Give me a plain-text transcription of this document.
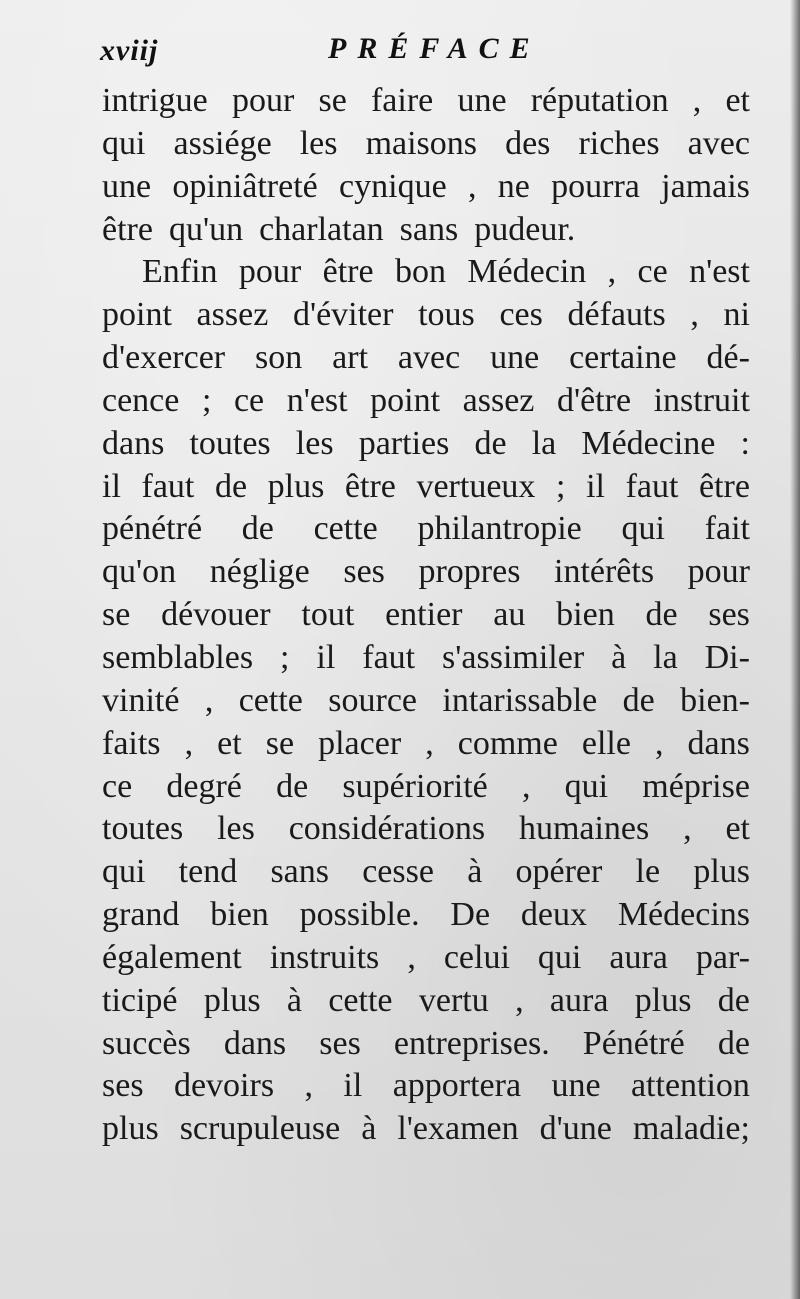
xviij	PRÉFACE
intrigue pour se faire une réputation , et
qui assiége les maisons des riches avec
une opiniâtreté cynique , ne pourra jamais
être qu'un charlatan sans pudeur.
Enfin pour être bon Médecin , ce n'est
point assez d'éviter tous ces défauts , ni
d'exercer son art avec une certaine dé-
cence ; ce n'est point assez d'être instruit
dans toutes les parties de la Médecine :
il faut de plus être vertueux ; il faut être
pénétré de cette philantropie qui fait
qu'on néglige ses propres intérêts pour
se dévouer tout entier au bien de ses
semblables ; il faut s'assimiler à la Di-
vinité , cette source intarissable de bien-
faits , et se placer , comme elle , dans
ce degré de supériorité , qui méprise
toutes les considérations humaines , et
qui tend sans cesse à opérer le plus
grand bien possible. De deux Médecins
également instruits , celui qui aura par-
ticipé plus à cette vertu , aura plus de
succès dans ses entreprises. Pénétré de
ses devoirs , il apportera une attention
plus scrupuleuse à l'examen d'une maladie;
